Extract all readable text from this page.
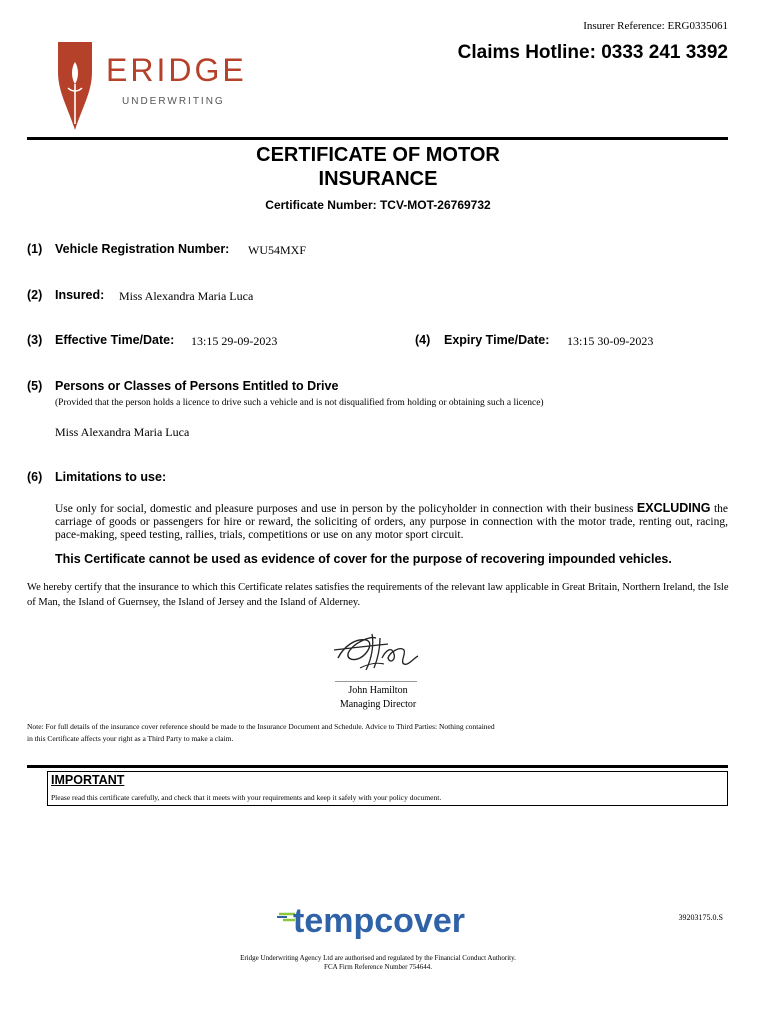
Insurer Reference: ERG0335061
Claims Hotline: 0333 241 3392
ERIDGE
UNDERWRITING
CERTIFICATE OF MOTOR
INSURANCE
Certificate Number: TCV-MOT-26769732
(1) Vehicle Registration Number: WU54MXF
(2) Insured: Miss Alexandra Maria Luca
(3) Effective Time/Date: 13:15 29-09-2023	(4) Expiry Time/Date: 13:15 30-09-2023
(5) Persons or Classes of Persons Entitled to Drive
(Provided that the person holds a licence to drive such a vehicle and is not disqualified from holding or obtaining such a licence)
Miss Alexandra Maria Luca
(6) Limitations to use:
Use only for social, domestic and pleasure purposes and use in person by the policyholder in connection with their business EXCLUDING the carriage of goods or passengers for hire or reward, the soliciting of orders, any purpose in connection with the motor trade, renting out, racing, pace-making, speed testing, rallies, trials, competitions or use on any motor sport circuit.
This Certificate cannot be used as evidence of cover for the purpose of recovering impounded vehicles.
We hereby certify that the insurance to which this Certificate relates satisfies the requirements of the relevant law applicable in Great Britain, Northern Ireland, the Isle of Man, the Island of Guernsey, the Island of Jersey and the Island of Alderney.
John Hamilton
Managing Director
Note: For full details of the insurance cover reference should be made to the Insurance Document and Schedule. Advice to Third Parties: Nothing contained in this Certificate affects your right as a Third Party to make a claim.
IMPORTANT
Please read this certificate carefully, and check that it meets with your requirements and keep it safely with your policy document.
tempcover	39203175.0.S
Eridge Underwriting Agency Ltd are authorised and regulated by the Financial Conduct Authority.
FCA Firm Reference Number 754644.
